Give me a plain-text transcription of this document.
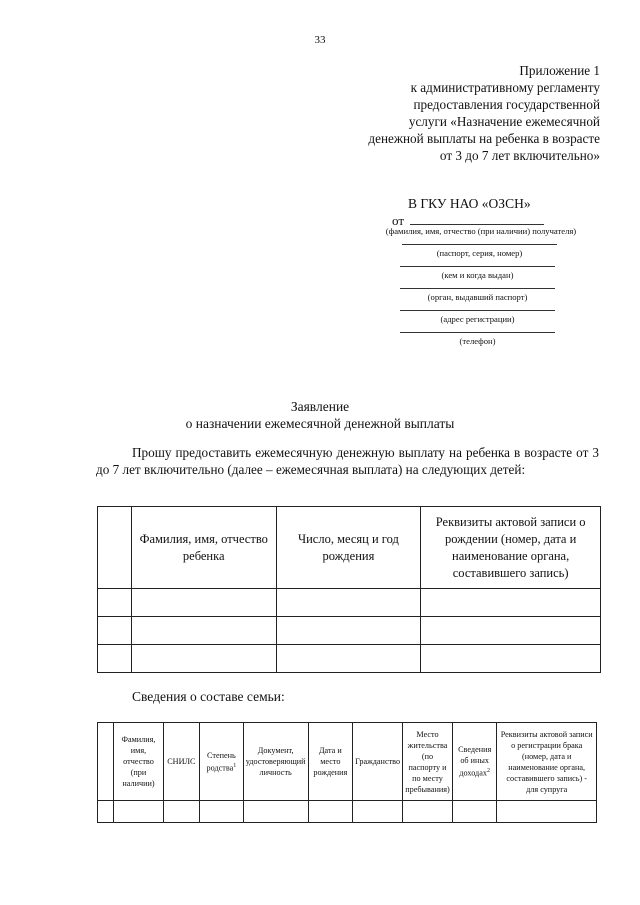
33
Приложение 1
к административному регламенту
предоставления государственной
услуги «Назначение ежемесячной
денежной выплаты на ребенка в возрасте
от 3 до 7 лет включительно»
В ГКУ НАО «ОЗСН»
от
(фамилия, имя, отчество (при наличии) получателя)
(паспорт, серия, номер)
(кем и когда выдан)
(орган, выдавший паспорт)
(адрес регистрации)
(телефон)
Заявление
о назначении ежемесячной денежной выплаты
Прошу предоставить ежемесячную денежную выплату на ребенка в возрасте от 3 до 7 лет включительно (далее – ежемесячная выплата) на следующих детей:
	Фамилия, имя, отчество ребенка	Число, месяц и год рождения	Реквизиты актовой записи о рождении (номер, дата и наименование органа, составившего запись)

Сведения о составе семьи:
	Фамилия, имя, отчество (при наличии)	СНИЛС	Степень родства$^1$	Документ, удостоверяющий личность	Дата и место рождения	Гражданство	Место жительства (по паспорту и по месту пребывания)	Сведения об иных доходах$^2$	Реквизиты актовой записи о регистрации брака (номер, дата и наименование органа, составившего запись) - для супруга
